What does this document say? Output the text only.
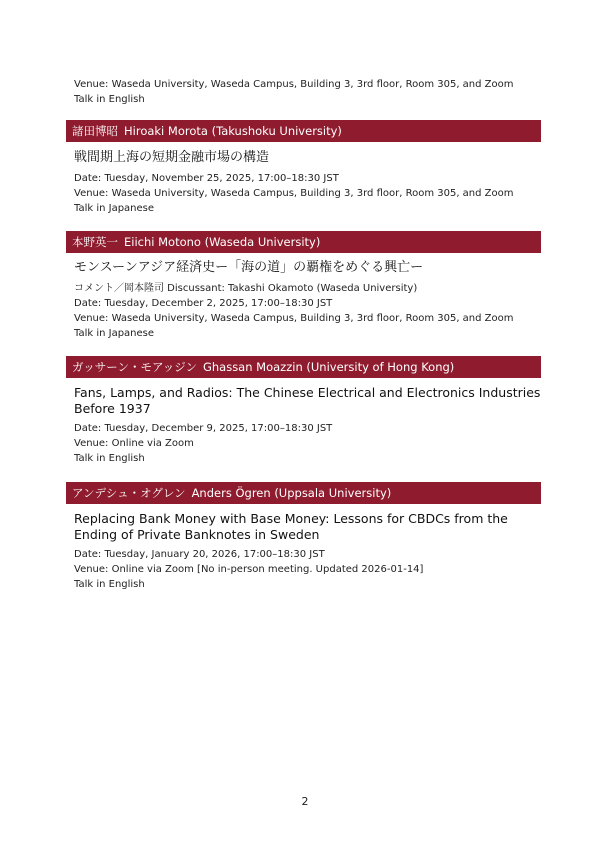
Venue: Waseda University, Waseda Campus, Building 3, 3rd floor, Room 305, and Zoom
Talk in English
諸田博昭 Hiroaki Morota (Takushoku University)
戦間期上海の短期金融市場の構造
Date: Tuesday, November 25, 2025, 17:00–18:30 JST
Venue: Waseda University, Waseda Campus, Building 3, 3rd floor, Room 305, and Zoom
Talk in Japanese
本野英一 Eiichi Motono (Waseda University)
モンスーンアジア経済史ー「海の道」の覇権をめぐる興亡ー
コメント／岡本隆司 Discussant: Takashi Okamoto (Waseda University)
Date: Tuesday, December 2, 2025, 17:00–18:30 JST
Venue: Waseda University, Waseda Campus, Building 3, 3rd floor, Room 305, and Zoom
Talk in Japanese
ガッサーン・モアッジン Ghassan Moazzin (University of Hong Kong)
Fans, Lamps, and Radios: The Chinese Electrical and Electronics Industries Before 1937
Date: Tuesday, December 9, 2025, 17:00–18:30 JST
Venue: Online via Zoom
Talk in English
アンデシュ・オグレン Anders Ögren (Uppsala University)
Replacing Bank Money with Base Money: Lessons for CBDCs from the Ending of Private Banknotes in Sweden
Date: Tuesday, January 20, 2026, 17:00–18:30 JST
Venue: Online via Zoom [No in-person meeting. Updated 2026-01-14]
Talk in English
2
